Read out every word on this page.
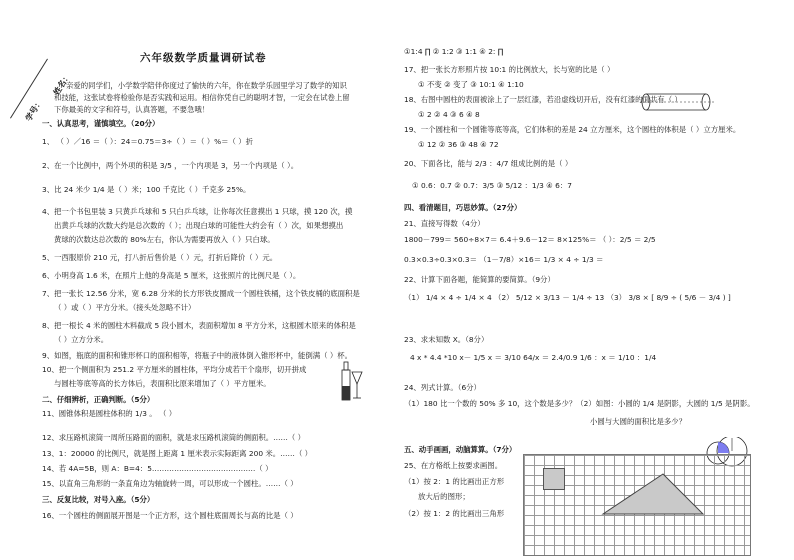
六年级数学质量调研试卷
学号：
姓名：
亲爱的同学们，小学数学陪伴你度过了愉快的六年，你在数学乐园里学习了数学的知识
和技能，这张试卷将检验你是否实践和运用。相信你凭自己的聪明才智，一定会在试卷上留
下你最美的文字和符号，认真答题，不要急哦！
一、认真思考，谨慎填空。（20分）
1、 （ ）／16 ＝（ ）：24＝0.75＝3÷（ ）＝（ ）%＝（ ）折
2、在一个比例中，两个外项的积是 3/5 ，一个内项是 3，另一个内项是（ ）。
3、比 24 米少 1/4 是（ ）米；100 千克比（ ）千克多 25%。
4、把一个书包里装 3 只黄乒乓球和 5 只白乒乓球，让你每次任意摸出 1 只球，摸 120 次，摸
出黄乒乓球的次数大约是总次数的（ ）；出现白球的可能性大约会有（ ）次，如果想摸出
黄球的次数达总次数的 80%左右，你认为需要再放入（ ）只白球。
5、一西服原价 210 元，打八折后售价是（ ）元，打折后降价（ ）元。
6、小明身高 1.6 米，在照片上他的身高是 5 厘米，这张照片的比例尺是（ ）。
7、把一张长 12.56 分米，宽 6.28 分米的长方形铁皮圈成一个圆柱铁桶，这个铁皮桶的底面积是
（ ）或（ ）平方分米。（接头处忽略不计）
8、把一根长 4 米的圆柱木料截成 5 段小圆木，表面积增加 8 平方分米，这根圆木原来的体积是
（ ）立方分米。
9、如图，瓶底的面积和锥形杯口的面积相等，将瓶子中的液体倒入锥形杯中，能倒满（ ）杯。
10、把一个侧面积为 251.2 平方厘米的圆柱体，平均分成若干个扇形，切开拼成
与圆柱等底等高的长方体后，表面积比原来增加了（ ）平方厘米。
二、仔细辨析，正确判断。（5分）
11、圆锥体积是圆柱体积的 1/3 。 （ ）
12、求压路机滚筒一周所压路面的面积，就是求压路机滚筒的侧面积。……（ ）
13、1：20000 的比例尺，就是图上距离 1 厘米表示实际距离 200 米。……（ ）
14、若 4A=5B，则 A：B=4：5……………………………………（ ）
15、以直角三角形的一条直角边为轴旋转一周，可以形成一个圆柱。……（ ）
三、反复比较，对号入座。（5分）
16、一个圆柱的侧面展开图是一个正方形，这个圆柱底面周长与高的比是（ ）
①1:4 ∏ ② 1:2 ③ 1:1 ④ 2: ∏
17、把一张长方形照片按 10:1 的比例放大，长与宽的比是（ ）
① 不变 ② 变了 ③ 10:1 ④ 1:10
18、右图中圆柱的表面被涂上了一层红漆，若沿虚线切开后，没有红漆的面共有（ ）
① 2 ② 4 ③ 6 ④ 8
19、一个圆柱和一个圆锥等底等高，它们体积的差是 24 立方厘米，这个圆柱的体积是（ ）立方厘米。
① 12 ② 36 ③ 48 ④ 72
20、下面各比，能与 2/3 ：4/7 组成比例的是（ ）
① 0.6：0.7 ② 0.7：3/5 ③ 5/12 ：1/3 ④ 6：7
四、看清题目，巧思妙算。（27分）
21、直接写得数（4分）
1800－799＝ 560÷8×7＝ 6.4＋9.6－12＝ 8×125%＝ （ ）：2/5 ＝ 2/5
0.3×0.3÷0.3×0.3＝ （1－7/8）×16＝ 1/3 × 4 ÷ 1/3 ＝
22、计算下面各题，能简算的要简算。（9分）
（1） 1/4 × 4 ÷ 1/4 × 4 （2） 5/12 × 3/13 － 1/4 ÷ 13 （3） 3/8 × [ 8/9 ÷ ( 5/6 － 3/4 ) ]
23、求未知数 X。（8分）
4 x * 4.4 *10 x－ 1/5 x ＝ 3/10 64/x ＝ 2.4/0.9 1/6 ：x ＝ 1/10 ：1/4
24、列式计算。（6分）
（1）180 比一个数的 50% 多 10，这个数是多少？（2）如图：小圆的 1/4 是阴影，大圆的 1/5 是阴影。
小圆与大圆的面积比是多少？
五、动手画画，动脑算算。（7分）
25、在方格纸上按要求画图。
（1）按 2：1 的比画出正方形
放大后的图形；
（2）按 1：2 的比画出三角形
